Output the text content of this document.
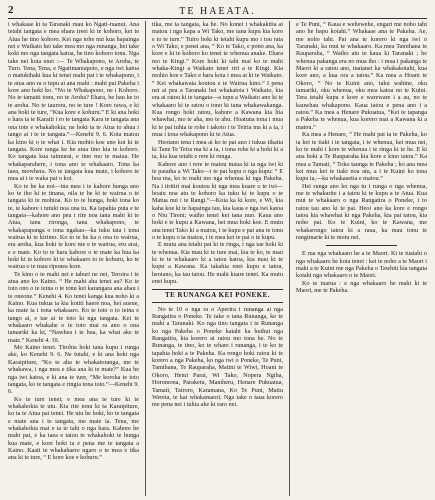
2	TE HAEATA.

i whakaae ki ta Taranaki ruau ko Ngati-ruanui. Ana tetahi tangata e mea ehara ireei ki te kohoro, kei te Atua he tino kohoro. Kei nga tohe nui kua hapainga nei e Waikato hei take mea mo nga runanga, hei take koki mo nga tangata katoa, he tino kohoro tonu. Nga take nei koia enei :— Te Whakapono, te Aroha, te Turo. Tena, Tena, e Ngatimaniapoto, e nga iwi katoa o matukihaki kua ki tenei mahi pai i te whakapono, i te atua ano ra o tupu ai ana mahi : mahi pai Pakeha i kore ano hoki ko. “No te Whakapono, ne i Kohoro. No te tamaiti tonu, no te Aroha? Ehara, he hau ke to te aroha. No te taurora, no te ture ! Kore rawa, e ki ana hoki te ture, “Kua kore e kohuru.” E ki ana hoki e hara ta te Karaiti i ro te tangata Kara te tangata ana ona tote e whakahokia; ne hoki ta te Atua to ahua i tango ai i te te tangata.”—Kenehi 9. 6. Koia matou ka kino ki o te whai i. Kia mohio koe ano koi ki te tangata. Kore ranga ke he atua tino kia te kohoro. Ko tangata kua taimurai, e tino mo te maiua. He whakaparahere, i tona ano te whakaaro. Tona ka taea, mowhera. No te tangata kua mate, i kohoro te mea ai i te waka pai o koi.

Ko te he ka noi—ina mea i te kahore hunga ano ko te iho ki te tinana, oila te he ki te wairua o te tangata ki te mohioa. Ko to te hunga, hoki tona ko te, te kahore i tutuki noa ona tu. Ka tapahia puta e te tangata—kahore ano peu i rite noa tana mahi ki te Atua, tana rironga, tana whakapono, te whakapapanga o tona ngakau—ka tuku tata i tona wairua ki te kirimo. Ko to te he ka o ona to wairua, era aroha, kua hoki te kore me e te wairua, eru arai, e e mate. Ko to te hara kahore o te mate ka hua ka hoki ki te kohoro ki te whakaaro to te kohuru, ko te wairua o te mau riponea kore.

Te kino o te mahi nei e tahuri ne nei, Teroira i te atua ano ko Kaino. “ He mahi aha tenei au? Ko te toto ono o te teina o te tonu kei karangara ana ahau i te oneone.” Kenehi 4. Ko tenei kanga kua noho ki a Kaino. Kua tukua ia kia kotiti haere noa, hei aueue, ka mate ia i tona whakaaro. Ko te toto o to teina e tango ai, e tae ai te toto ki nga tangata. Kei te whakaaro whakahe o te toto mai ra ano o ona tamariki ka ki, “Nawhea i te hua, ka whai ake te mate.” Kenehi 4. 10.

Mo Kaino tenei. Tirohia hoki tana kupu i runga ake, ko Kenehi 9. 6. Ne tutahi, e ki ana hoki nga Karaipiture, “Ko te aha te whakatoranga, me te whakawa, i nga mea e tika ana ki te mate?” Kua he nga iwi katoa, e ki ana te ture, “Me koroha te toto tangata, ko te tangata e ringia tona toto.”—Kenehi 9. 6.

Ko te ture tenei; e mea ana te ture ki te whakahokia te utu. Kia rite tonu ki ta Karaipiture, ko ta te Atua pai tenei. He utu he hoki, ko te tangata e mate ana i te tangata, me mate ia. Tena, me whakahokia mai e ia te tahi o nga hara. Kahore he mahi pai, e ka taea e tatou te whakahoki te hunga kua mate, e kore hoki ia e pena me te tangata a Kaino. Kaati te whakahaere ngaro o te mea e tika ana ki te ture, “ E kore koe e kohuru.”

tika, me ta tangata, ka he. No konei i whakakitia ai matou i nga kapa a Wi Tako, me tana kupu kia kore e to te ture.” Tuiro hoki ki tetahi kupu mo i tou rata o Wi Tako, e penei ana, “ Ko te Tako, e pono ana, ka kore e ki te kohoro ko tenei te whenua anake. Ehara mo te Kingi.” Kore hoki ki tahi mai ko te mahi whaka-Kingi a Waikato tenei riri a te Kingi. Kia mohio koe e Tako e hara koia i mea ai ki te Waikato. “ Kei whakawaia koutou e te Wairua kino.” I pena nei ai pea a Taranaki hei whakatoia i Waikato, kia era ai ratou ki te tangata—a tupu a Waikato ano ki te whakaaro ki te ratou o tono ki tana whakawakanga. Kua rongo hoki ratou, kahore a Kawana kia hia whawhai, mo te aha, mo te ahu. Hoatuna tona i mua ki te pai tuhia te rohe i takoto i te Teiria ma ki a ta, i mua i tona whakapono ki te Atua.

Heoiano tena i mea ai ko te pai ano i tukua tikatia ki Tane Te Teira ma ki a ta, i tona rohe ki a hoki ki a ta, kia kua tetahi e rere ki runga.

Kahore ano i rere te matou maua ki ta nga iwi ki te paiaiha a Wi Tako—i te pai kupu o nga kupu: “ E hoa ma, ko te mahi mo nga whenua ki nga Pakeha. Na i tiritiri mai koutou ki nga mea kuare o te iwi—hoatu noa atu te kohoro ka tuku ki te kupu o te Matua nui i te Rangi.”—Koia ka ki kore, e Wi, kia kaha koe ki te hapainga tau, kia kaua e nga iwi katoa o Niu Tireni; waiho tenei kei tana nuo. Kaua ano hoki e te kupu a Kawana, hei mua hoki koe. E mutu ana tenei Tako ki a matou, i te kupu e pai ana te tonu o te kupu o ta matou, i te mea kei te pai o te kupu.

E mutu ana tetahi pai ki te ringa, i nga tae hoki ki te whenua. Kia mau ki te ture mai, kia te ko, te mau ki te te whakaaro ki a tatou katoa, kia mau ki te kupu a Kawana. Ka takahia enei kupu e tatou, heoiano, ka tau tatou. He mahi kuare tenei. Ka mutu enei kupu.

TE RUNANGA KEI PONEKE.

No te 10 o nga ra o Aperira i runanga ai nga Rangatira o Poneke. Te take o tana Runanga, ko te mahi a Taranaki. Ko nga tino tangata i te Runanga ko nga Pakeha o Poneke katahi ka huihui nga Rangatira, kia korero ai ratou mo tona he. No te Runanga, te tino, ko te whare i runanga, i te ko te tapahia hoki a te Pakeha. Ka rongo hoki ratou ki te korero a nga Pakeha, ko nga iwi o Poneke, Te Puni, Tamihana, Te Rauparaha, Matini te Wiwi, Hoani te Okoro, Hemi Parai, Wi Tako, Nopera Ngiha, Horomona, Paraketu, Maniheru, Henare Pukuatua, Tamati, Tairoro, Karamana, Ko Te Puni, Matiu Wereta, te kai whakamaori. Nga take o taua korero me pena nei i tuhia ake ki raro nei.

e Te Puni, “ Kaua e wehewehe, engari me noho tahi ano he hapu kotahi.” Whakaae ana te Pakeha. Ae, me noho tahi. Pai ana te korero ki nga iwi o Taranaki, ka mui te whakaaro. Ka mea Tamihana te Rauparaha, “ Waiho atu te kaua ki Taranaki ; he whenua pakanga era no mua iho : i mua i pakanga te Maori ki a ratou ano, inaianei ka whakakotahi, kua kore ano, a kua ora a tatou.” Ka mea a Hoani te Okoro, “ No te Kuini ano, taku wahine, oku tamariki, oku whenua, oku mea katoa no te Kuini. Tera tetahi kupu e kore e wareware i a au, no te kauwhau whakapono. Kaua tatou e pena ano i a ratou.” Ka mea a Henare Pukuatua, “Kei te tapanga a Pakeha te whenua, kua korero mai a Kawana ki a matou.”

Ka mea a Henare, “ He mahi pai ta te Pakeha, ko ia kei te tiaki i te tangata, i te whenua, kei mua nei, ko te mahi i kore te whenua i te ringa ki te he. E ki ana hoki a Te Rauparaha kia kore e kino tatou.” Ka mea a Tamati, “ Toko taunga te Pakeha ; ko ana mea kei mua kei te tiaki noa atu, a i te Kuini ko tona kupu ia,—ka whakaaetia e matou.”

Hei runga ano ko nga tu i runga o nga whenua, me te whakarite i a tatou ki te kupu a te Atua. Kua mui te whakaaro o nga Rangatira o Poneke, i to ratou tau ano ki te pai. Heoi ano ka kore e rongo tatou kia whawhai ki nga Pakeha, kia pai tatou, kia noho pai. Ko te Kuini, ko te Kawana, me whakarongo tatou ki a raua, ka mau tonu te rangimarie ki te motu nei.

E rua nga whakaaro he a te Maori. Ki te tuatahi o nga whakaaro he koia tenei : kei te noho a te Maori i mahi a te Kuini me nga Pakeha o Tawhiti kia tangata kotahi nga whakaaro o te Maori.

Ko te tuarua : e nga whakaaro he mahi ki te Maori, me te Pakeha.
